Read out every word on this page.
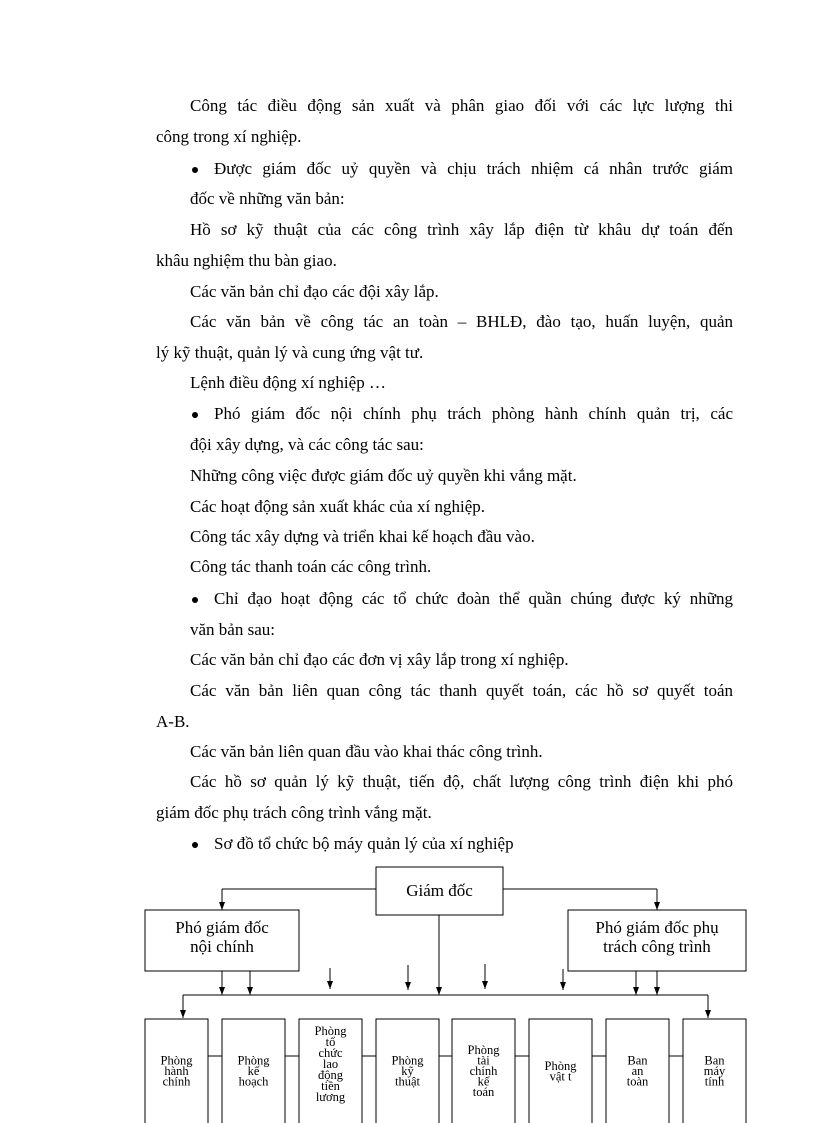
Công tác điều động sản xuất và phân giao đối với các lực lượng thi
công trong xí nghiệp.
Được giám đốc uỷ quyền và chịu trách nhiệm cá nhân trước giám
đốc về những văn bản:
Hồ sơ kỹ thuật của các công trình xây lắp điện từ khâu dự toán đến
khâu nghiệm thu bàn giao.
Các văn bản chỉ đạo các đội xây lắp.
Các văn bản về công tác an toàn – BHLĐ, đào tạo, huấn luyện, quản
lý kỹ thuật, quản lý và cung ứng vật tư.
Lệnh điều động xí nghiệp …
Phó giám đốc nội chính phụ trách phòng hành chính quản trị, các
đội xây dựng, và các công tác sau:
Những công việc được giám đốc uỷ quyền khi vắng mặt.
Các hoạt động sản xuất khác của xí nghiệp.
Công tác xây dựng và triển khai kế hoạch đầu vào.
Công tác thanh toán các công trình.
Chỉ đạo hoạt động các tổ chức đoàn thể quần chúng được ký những
văn bản sau:
Các văn bản chỉ đạo các đơn vị xây lắp trong xí nghiệp.
Các văn bản liên quan công tác thanh quyết toán, các hồ sơ quyết toán
A-B.
Các văn bản liên quan đầu vào khai thác công trình.
Các hồ sơ quản lý kỹ thuật, tiến độ, chất lượng công trình điện khi phó
giám đốc phụ trách công trình vắng mặt.
Sơ đồ tổ chức bộ máy quản lý của xí nghiệp
Giám đốc
Phó giám đốc
nội chính
Phó giám đốc phụ
trách công trình
Phòng
hành
chính
Phòng
kế
hoạch
Phòng
tổ
chức
lao
động
tiền
lương
Phòng
kỹ
thuật
Phòng
tài
chính
kế
toán
Phòng
vật t
Ban
an
toàn
Ban
máy
tính
